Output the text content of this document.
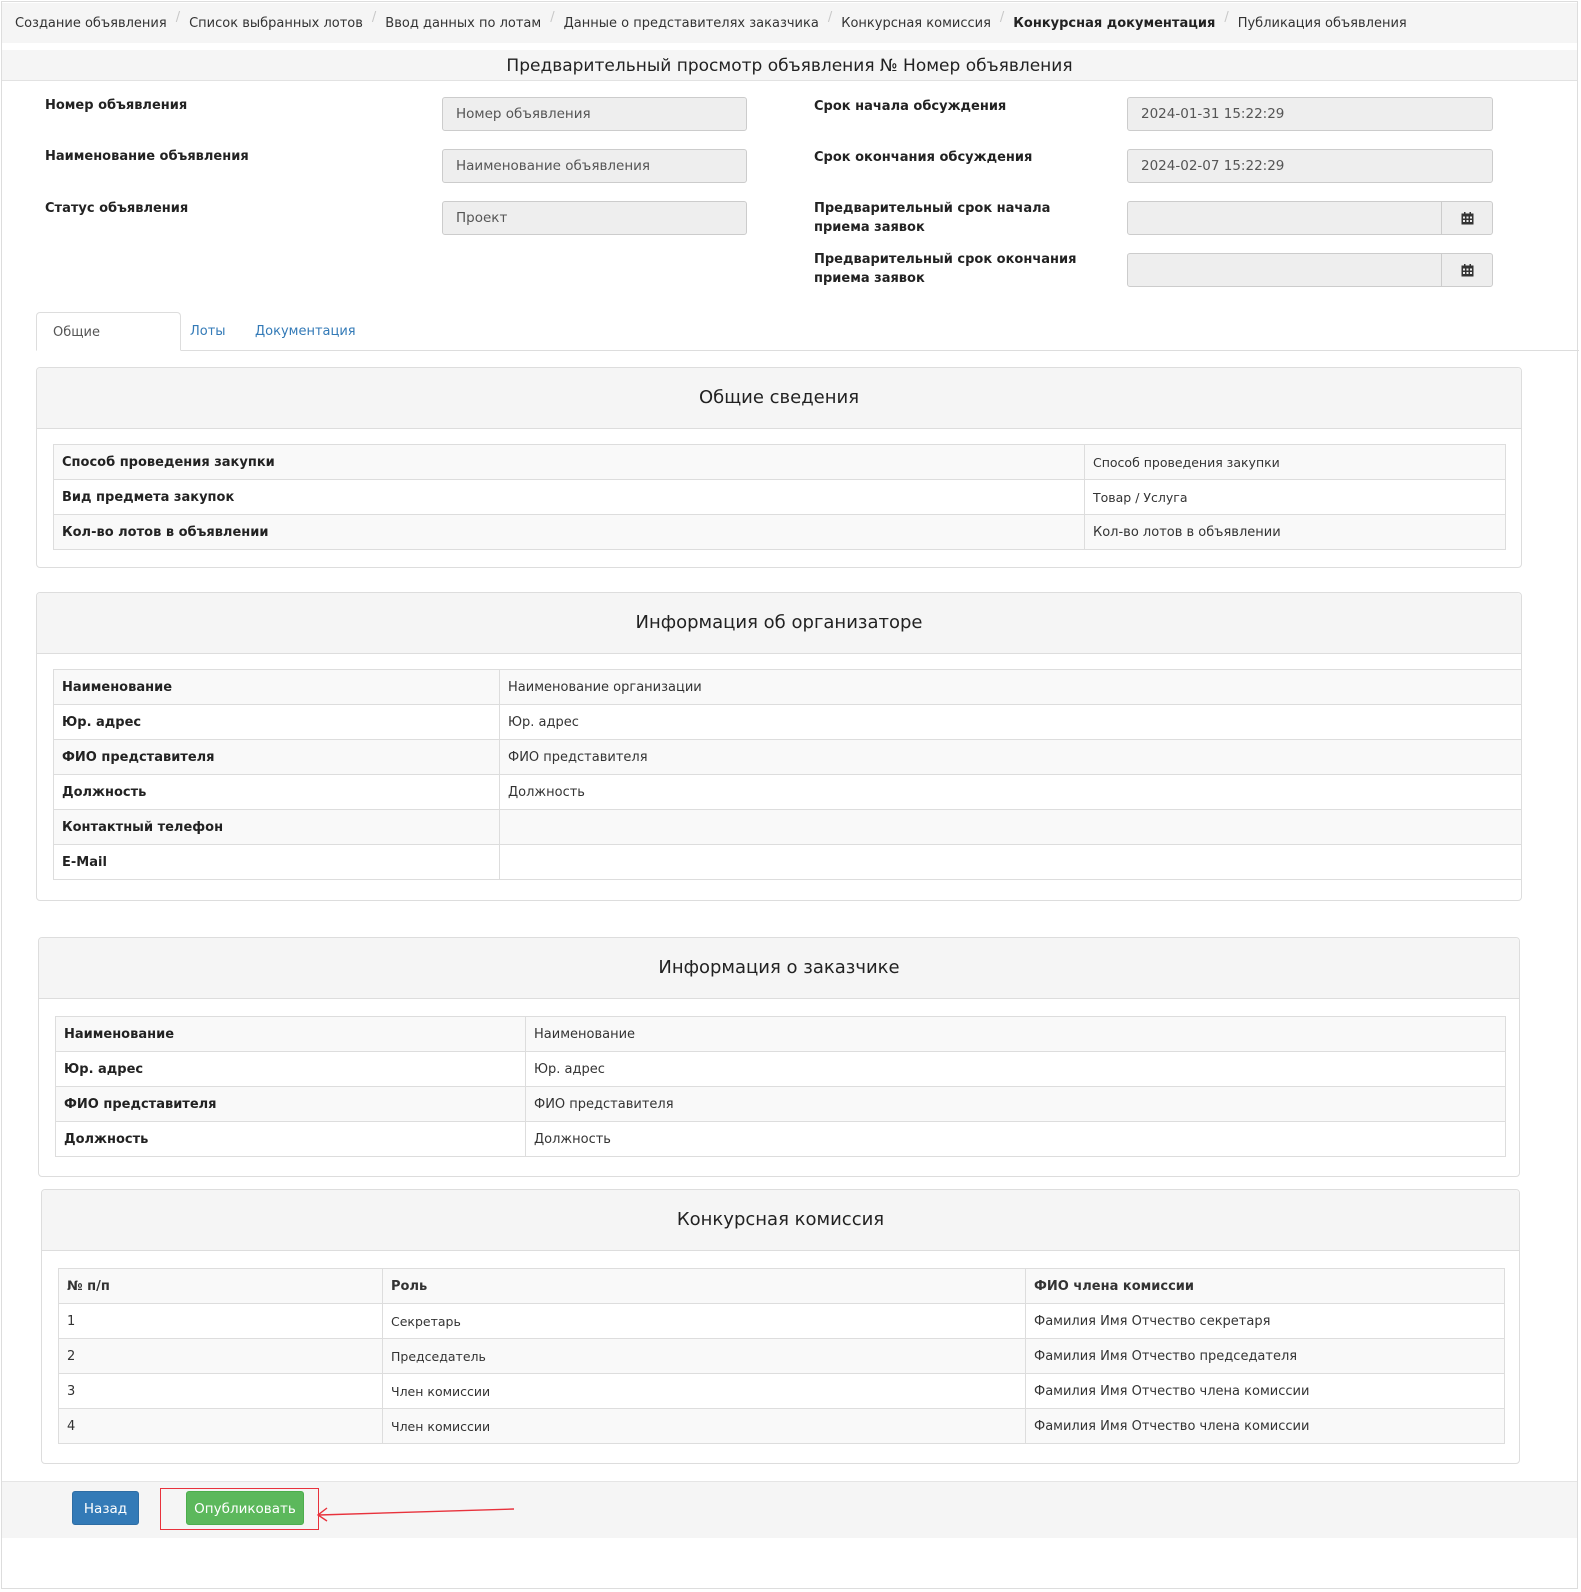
Создание объявления / Список выбранных лотов / Ввод данных по лотам / Данные о представителях заказчика / Конкурсная комиссия / Конкурсная документация / Публикация объявления
Предварительный просмотр объявления № Номер объявления
Номер объявления
Номер объявления
Наименование объявления
Наименование объявления
Статус объявления
Проект
Срок начала обсуждения	2024-01-31 15:22:29
Срок окончания обсуждения
2024-02-07 15:22:29
Предварительный срок начала приема заявок
Предварительный срок окончания приема заявок
Общие	Лоты Документация
Общие сведения
Способ проведения закупки	Способ проведения закупки
Вид предмета закупок	Товар / Услуга
Кол-во лотов в объявлении	Кол-во лотов в объявлении
Информация об организаторе
Наименование	Наименование организации
Юр. адрес	Юр. адрес
ФИО представителя	ФИО представителя
Должность	Должность
Контактный телефон	
E-Mail	
Информация о заказчике
Наименование	Наименование
Юр. адрес	Юр. адрес
ФИО представителя	ФИО представителя
Должность	Должность
Конкурсная комиссия
№ п/п	Роль	ФИО члена комиссии
1	Секретарь	Фамилия Имя Отчество секретаря
2	Председатель	Фамилия Имя Отчество председателя
3	Член комиссии	Фамилия Имя Отчество члена комиссии
4	Член комиссии	Фамилия Имя Отчество члена комиссии
Назад	Опубликовать
